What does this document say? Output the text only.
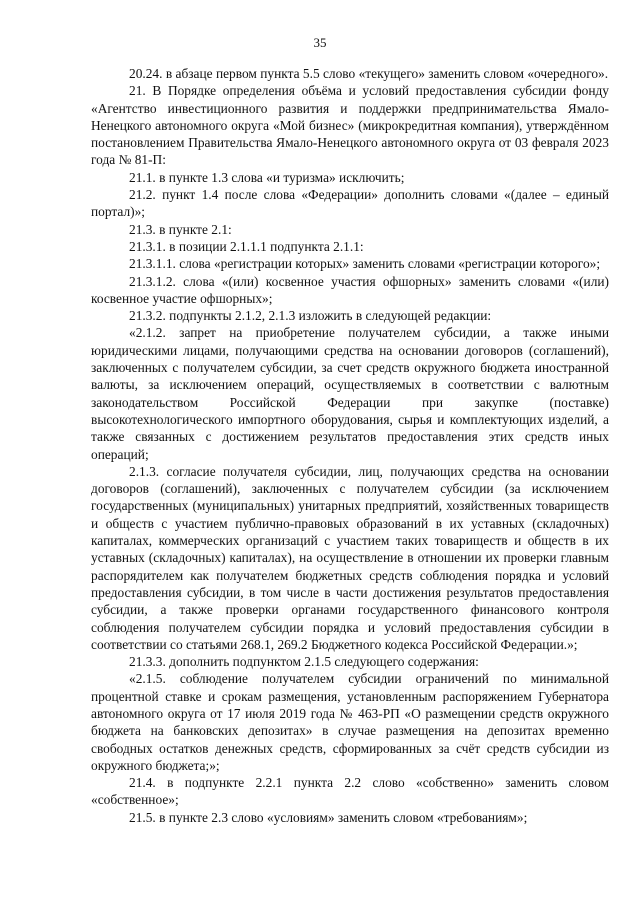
35

20.24. в абзаце первом пункта 5.5 слово «текущего» заменить словом «очередного».

21. В Порядке определения объёма и условий предоставления субсидии фонду «Агентство инвестиционного развития и поддержки предпринимательства Ямало-Ненецкого автономного округа «Мой бизнес» (микрокредитная компания), утверждённом постановлением Правительства Ямало-Ненецкого автономного округа от 03 февраля 2023 года № 81-П:

21.1. в пункте 1.3 слова «и туризма» исключить;

21.2. пункт 1.4 после слова «Федерации» дополнить словами «(далее – единый портал)»;

21.3. в пункте 2.1:

21.3.1. в позиции 2.1.1.1 подпункта 2.1.1:

21.3.1.1. слова «регистрации которых» заменить словами «регистрации которого»;

21.3.1.2. слова «(или) косвенное участия офшорных» заменить словами «(или) косвенное участие офшорных»;

21.3.2. подпункты 2.1.2, 2.1.3 изложить в следующей редакции:

«2.1.2. запрет на приобретение получателем субсидии, а также иными юридическими лицами, получающими средства на основании договоров (соглашений), заключенных с получателем субсидии, за счет средств окружного бюджета иностранной валюты, за исключением операций, осуществляемых в соответствии с валютным законодательством Российской Федерации при закупке (поставке) высокотехнологического импортного оборудования, сырья и комплектующих изделий, а также связанных с достижением результатов предоставления этих средств иных операций;

2.1.3. согласие получателя субсидии, лиц, получающих средства на основании договоров (соглашений), заключенных с получателем субсидии (за исключением государственных (муниципальных) унитарных предприятий, хозяйственных товариществ и обществ с участием публично-правовых образований в их уставных (складочных) капиталах, коммерческих организаций с участием таких товариществ и обществ в их уставных (складочных) капиталах), на осуществление в отношении их проверки главным распорядителем как получателем бюджетных средств соблюдения порядка и условий предоставления субсидии, в том числе в части достижения результатов предоставления субсидии, а также проверки органами государственного финансового контроля соблюдения получателем субсидии порядка и условий предоставления субсидии в соответствии со статьями 268.1, 269.2 Бюджетного кодекса Российской Федерации.»;

21.3.3. дополнить подпунктом 2.1.5 следующего содержания:

«2.1.5. соблюдение получателем субсидии ограничений по минимальной процентной ставке и срокам размещения, установленным распоряжением Губернатора автономного округа от 17 июля 2019 года № 463-РП «О размещении средств окружного бюджета на банковских депозитах» в случае размещения на депозитах временно свободных остатков денежных средств, сформированных за счёт средств субсидии из окружного бюджета;»;

21.4. в подпункте 2.2.1 пункта 2.2 слово «собственно» заменить словом «собственное»;

21.5. в пункте 2.3 слово «условиям» заменить словом «требованиям»;
